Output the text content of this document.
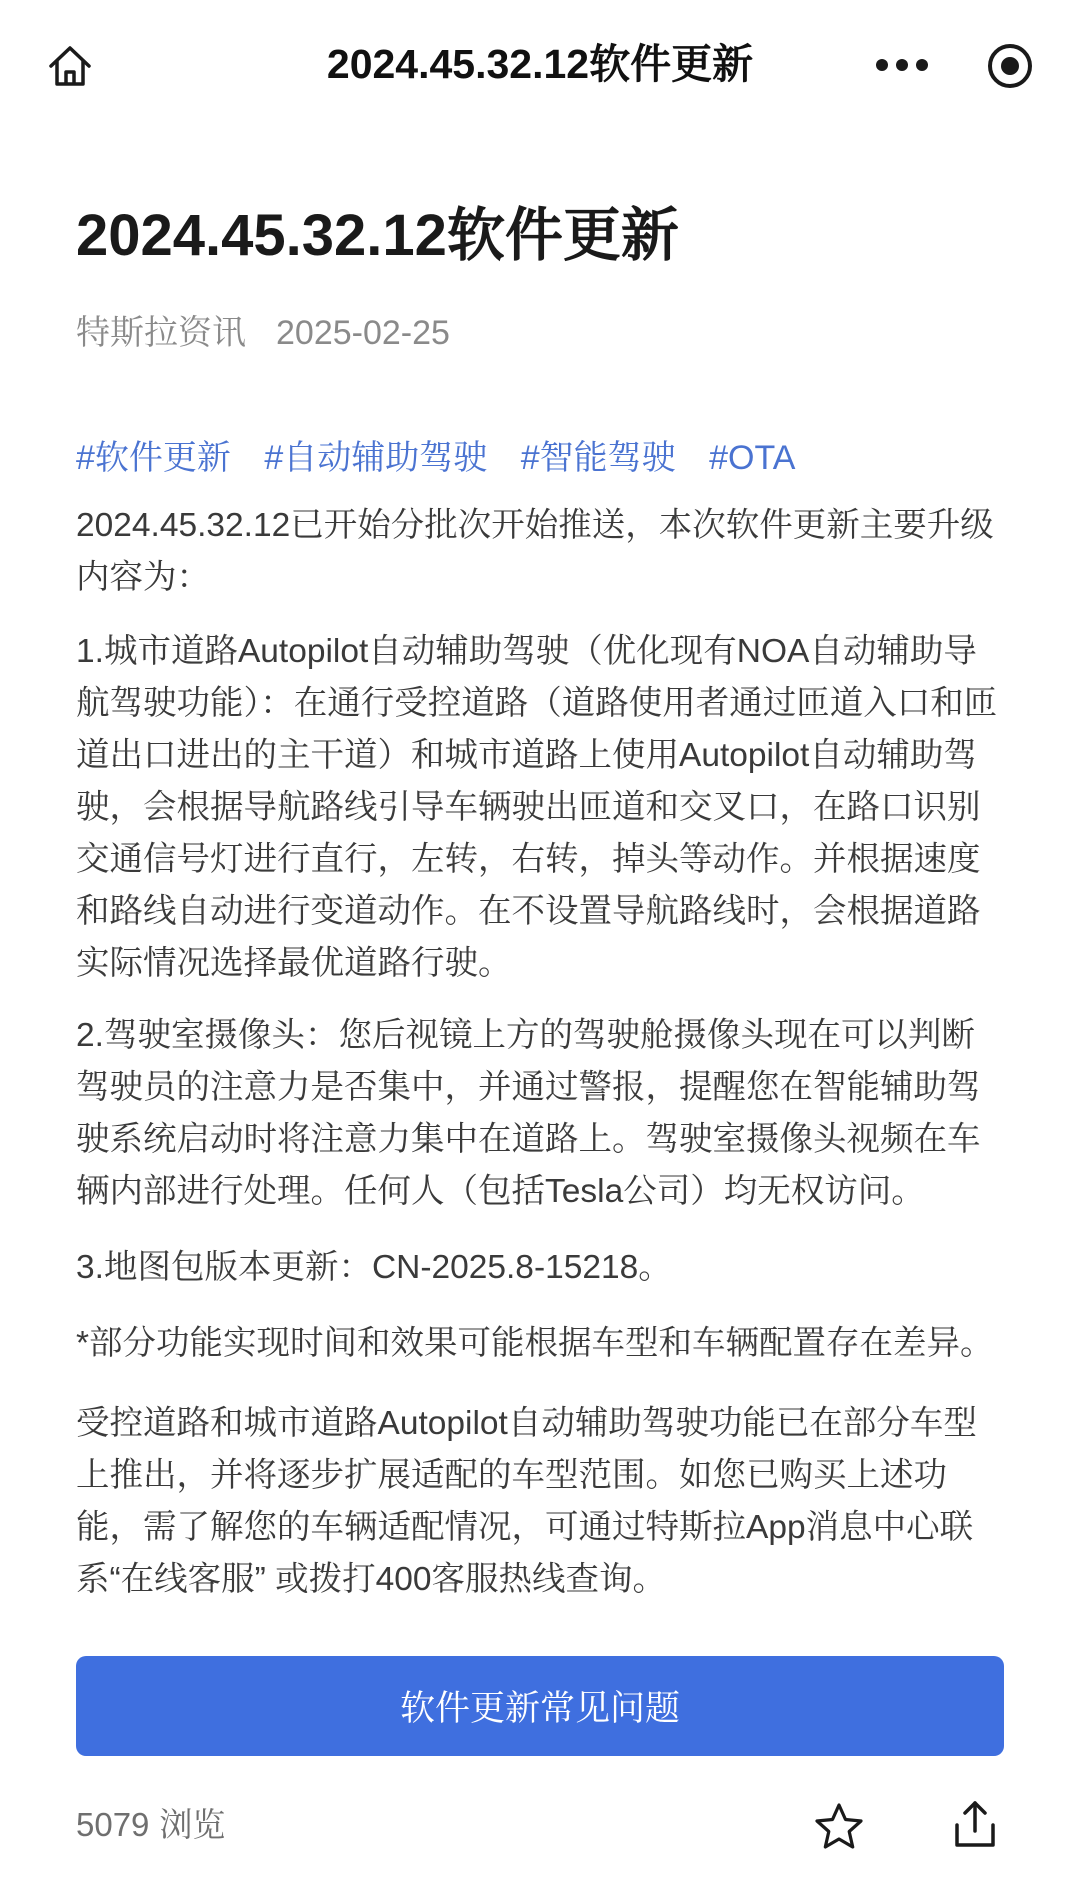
2024.45.32.12软件更新
2024.45.32.12软件更新
特斯拉资讯 2025-02-25
#软件更新 #自动辅助驾驶 #智能驾驶 #OTA

2024.45.32.12已开始分批次开始推送，本次软件更新主要升级内容为：

1.城市道路Autopilot自动辅助驾驶（优化现有NOA自动辅助导航驾驶功能）：在通行受控道路（道路使用者通过匝道入口和匝道出口进出的主干道）和城市道路上使用Autopilot自动辅助驾驶，会根据导航路线引导车辆驶出匝道和交叉口，在路口识别交通信号灯进行直行，左转，右转，掉头等动作。并根据速度和路线自动进行变道动作。在不设置导航路线时，会根据道路实际情况选择最优道路行驶。

2.驾驶室摄像头：您后视镜上方的驾驶舱摄像头现在可以判断驾驶员的注意力是否集中，并通过警报，提醒您在智能辅助驾驶系统启动时将注意力集中在道路上。驾驶室摄像头视频在车辆内部进行处理。任何人（包括Tesla公司）均无权访问。

3.地图包版本更新：CN-2025.8-15218。

*部分功能实现时间和效果可能根据车型和车辆配置存在差异。

受控道路和城市道路Autopilot自动辅助驾驶功能已在部分车型上推出，并将逐步扩展适配的车型范围。如您已购买上述功能，需了解您的车辆适配情况，可通过特斯拉App消息中心联系“在线客服” 或拨打400客服热线查询。

软件更新常见问题
5079 浏览
